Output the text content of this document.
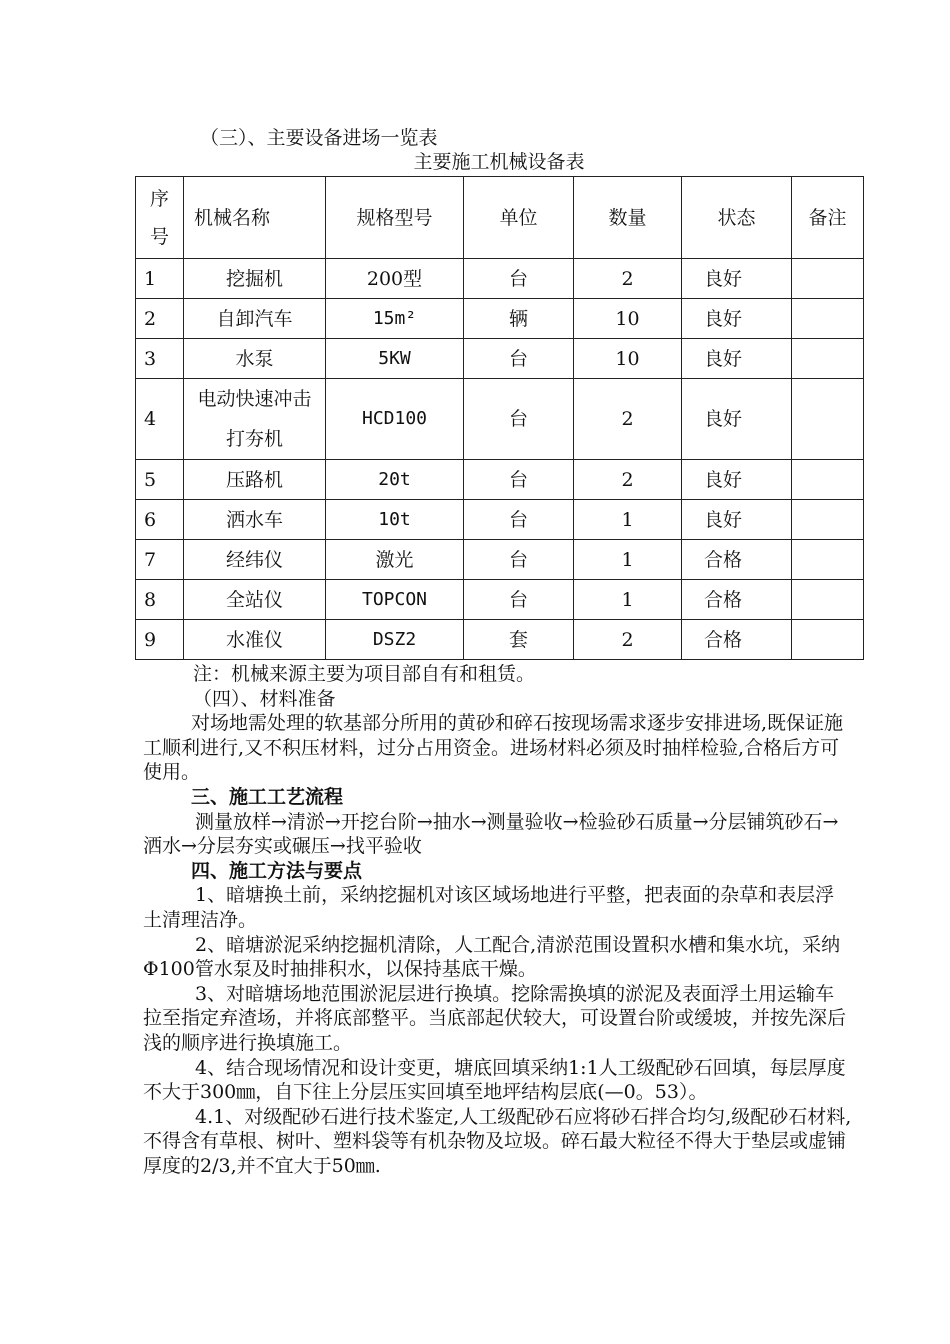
（三）、主要设备进场一览表
主要施工机械设备表
序号	机械名称	规格型号	单位	数量	状态	备注
1	挖掘机	200型	台	2	良好	
2	自卸汽车	15m²	辆	10	良好	
3	水泵	5KW	台	10	良好	
4	电动快速冲击打夯机	HCD100	台	2	良好	
5	压路机	20t	台	2	良好	
6	洒水车	10t	台	1	良好	
7	经纬仪	激光	台	1	合格	
8	全站仪	TOPCON	台	1	合格	
9	水准仪	DSZ2	套	2	合格	

注：机械来源主要为项目部自有和租赁。

（四）、材料准备

对场地需处理的软基部分所用的黄砂和碎石按现场需求逐步安排进场,既保证施工顺利进行,又不积压材料，过分占用资金。进场材料必须及时抽样检验,合格后方可使用。

三、施工工艺流程

测量放样→清淤→开挖台阶→抽水→测量验收→检验砂石质量→分层铺筑砂石→洒水→分层夯实或碾压→找平验收

四、施工方法与要点

1、暗塘换土前，采纳挖掘机对该区域场地进行平整，把表面的杂草和表层浮土清理洁净。

2、暗塘淤泥采纳挖掘机清除，人工配合,清淤范围设置积水槽和集水坑，采纳Φ100管水泵及时抽排积水，以保持基底干燥。

3、对暗塘场地范围淤泥层进行换填。挖除需换填的淤泥及表面浮土用运输车拉至指定弃渣场，并将底部整平。当底部起伏较大，可设置台阶或缓坡，并按先深后浅的顺序进行换填施工。

4、结合现场情况和设计变更，塘底回填采纳1:1人工级配砂石回填，每层厚度不大于300㎜，自下往上分层压实回填至地坪结构层底(—0。53）。

4.1、对级配砂石进行技术鉴定,人工级配砂石应将砂石拌合均匀,级配砂石材料,不得含有草根、树叶、塑料袋等有机杂物及垃圾。碎石最大粒径不得大于垫层或虚铺厚度的2/3,并不宜大于50㎜.
